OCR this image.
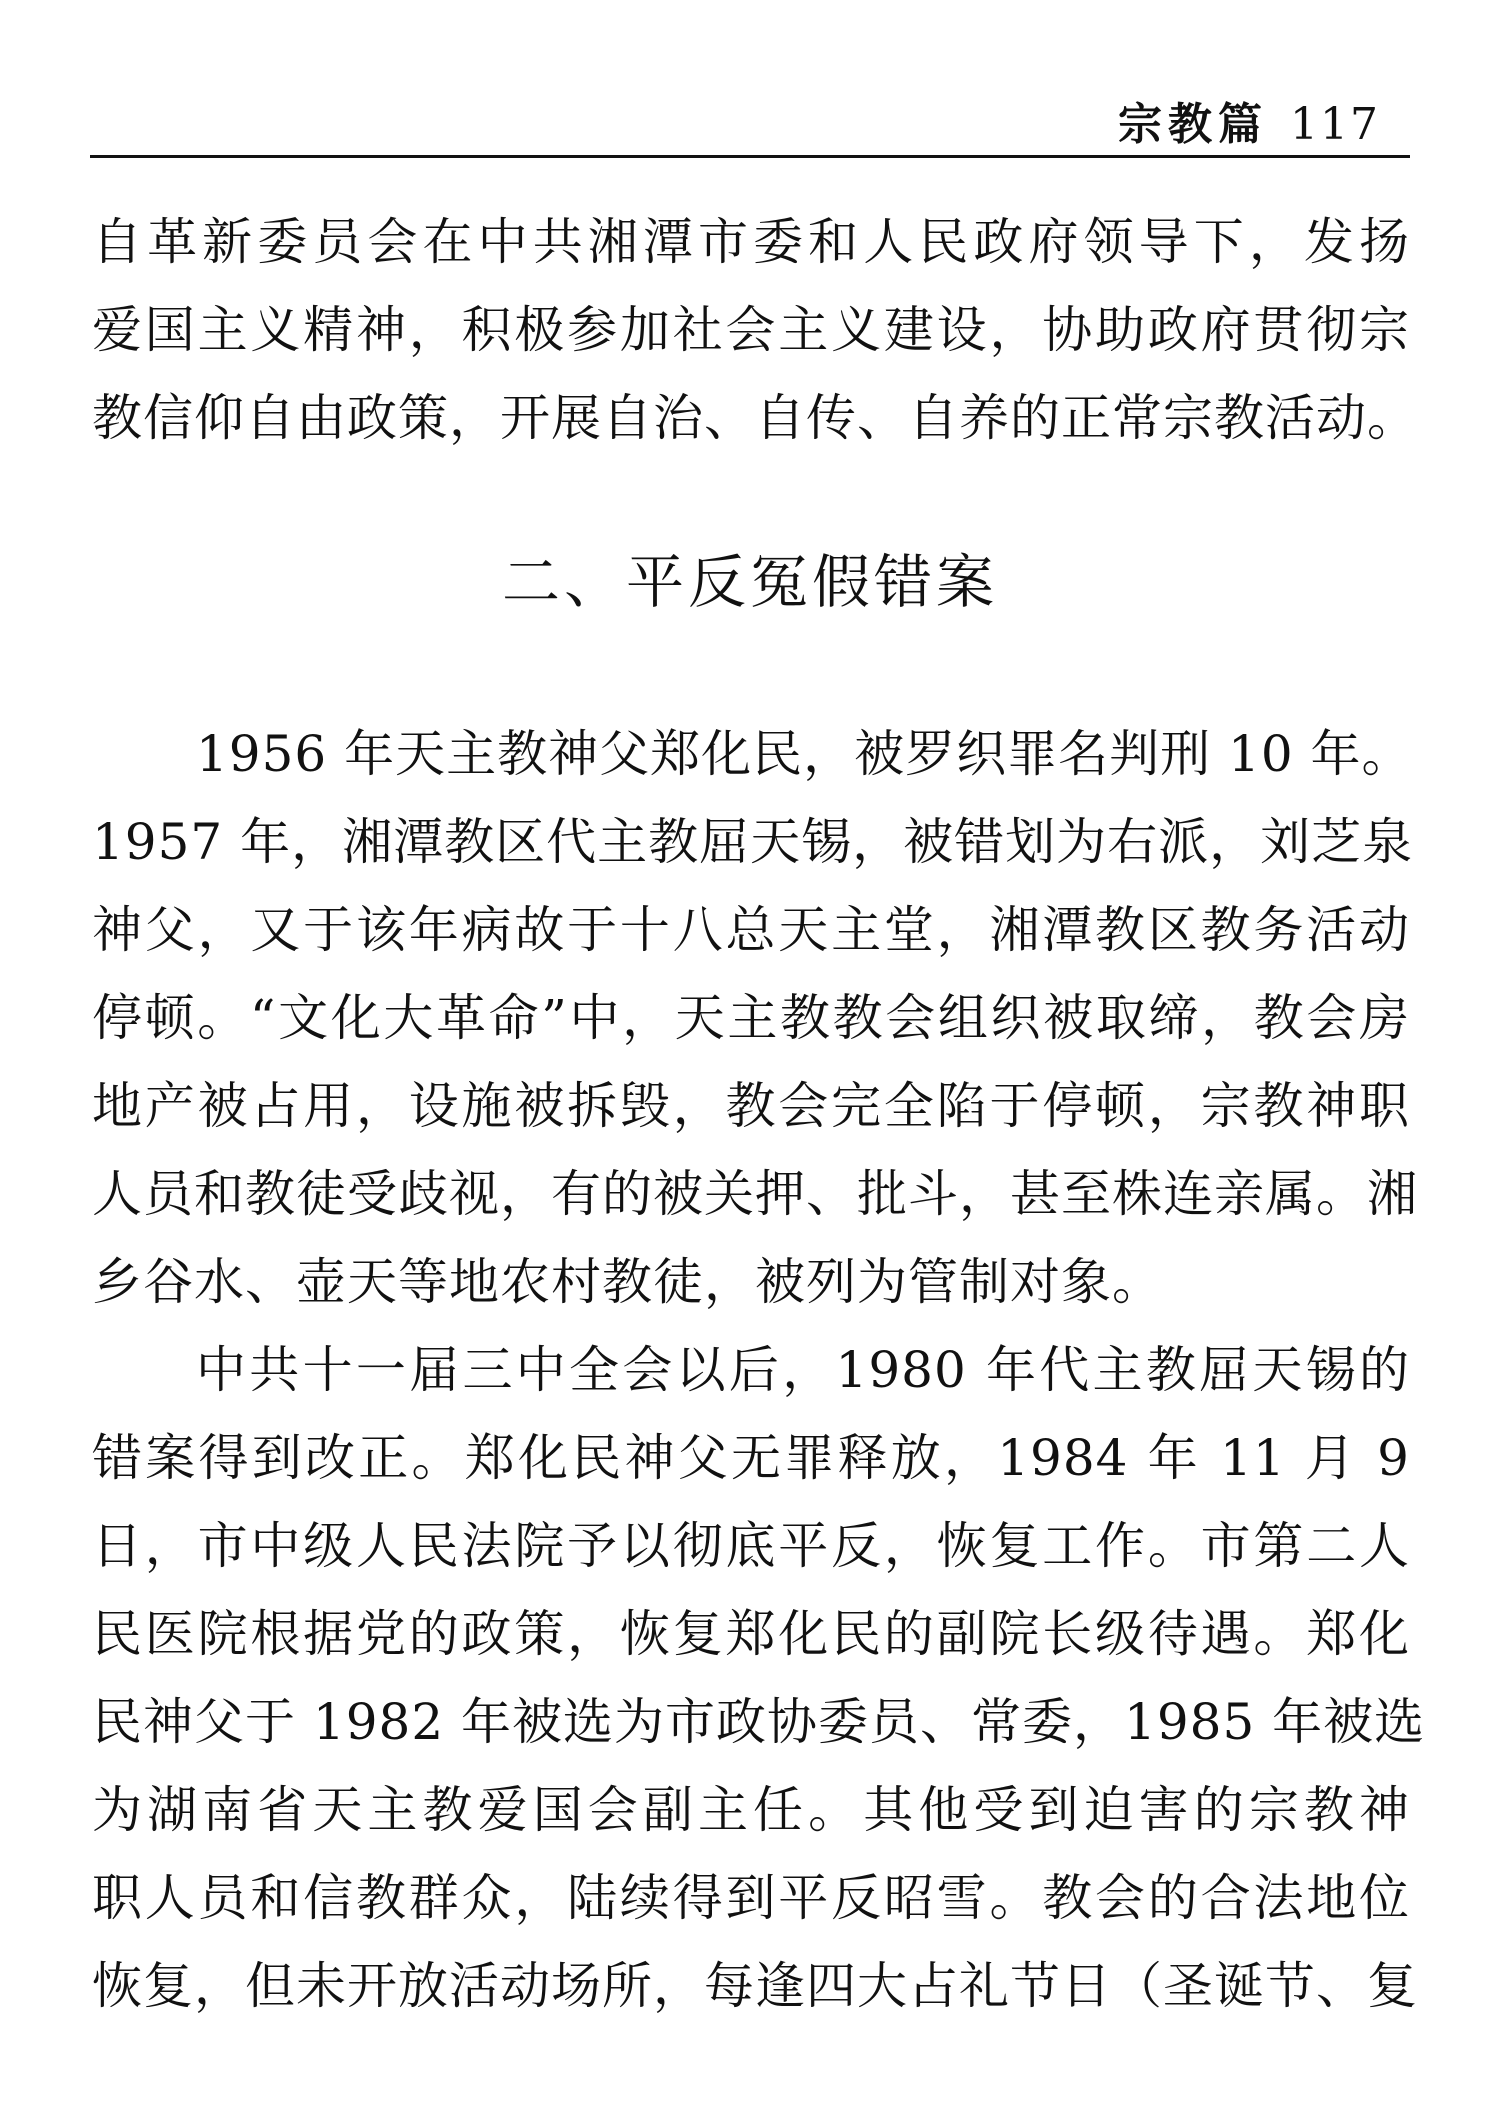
宗教篇 117
自革新委员会在中共湘潭市委和人民政府领导下，发扬
爱国主义精神，积极参加社会主义建设，协助政府贯彻宗
教信仰自由政策，开展自治、自传、自养的正常宗教活动。
二、平反冤假错案
1956 年天主教神父郑化民，被罗织罪名判刑 10 年。
1957 年，湘潭教区代主教屈天锡，被错划为右派，刘芝泉
神父，又于该年病故于十八总天主堂，湘潭教区教务活动
停顿。“文化大革命”中，天主教教会组织被取缔，教会房
地产被占用，设施被拆毁，教会完全陷于停顿，宗教神职
人员和教徒受歧视，有的被关押、批斗，甚至株连亲属。湘
乡谷水、壶天等地农村教徒，被列为管制对象。
中共十一届三中全会以后，1980 年代主教屈天锡的
错案得到改正。郑化民神父无罪释放，1984 年 11 月 9
日，市中级人民法院予以彻底平反，恢复工作。市第二人
民医院根据党的政策，恢复郑化民的副院长级待遇。郑化
民神父于 1982 年被选为市政协委员、常委，1985 年被选
为湖南省天主教爱国会副主任。其他受到迫害的宗教神
职人员和信教群众，陆续得到平反昭雪。教会的合法地位
恢复，但未开放活动场所，每逢四大占礼节日（圣诞节、复
